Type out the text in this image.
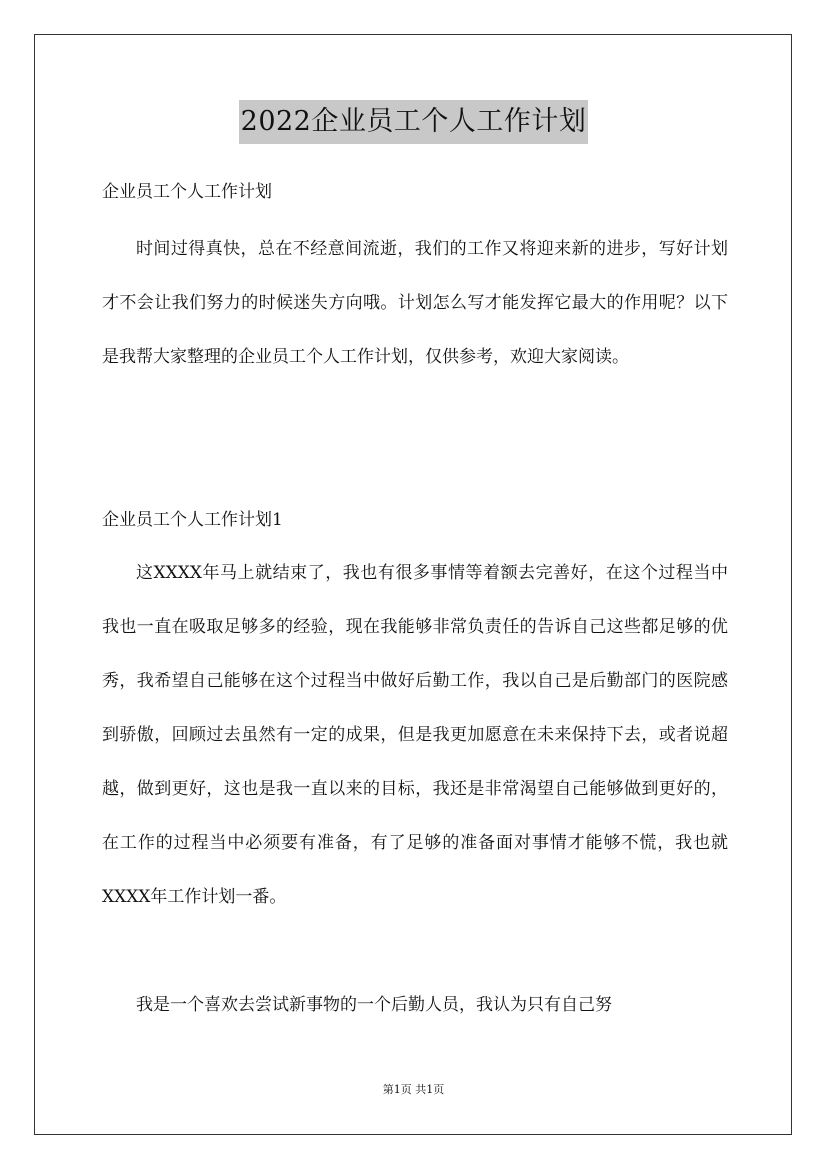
2022企业员工个人工作计划
企业员工个人工作计划

时间过得真快，总在不经意间流逝，我们的工作又将迎来新的进步，写好计划才不会让我们努力的时候迷失方向哦。计划怎么写才能发挥它最大的作用呢？以下是我帮大家整理的企业员工个人工作计划，仅供参考，欢迎大家阅读。

企业员工个人工作计划1

这XXXX年马上就结束了，我也有很多事情等着额去完善好，在这个过程当中我也一直在吸取足够多的经验，现在我能够非常负责任的告诉自己这些都足够的优秀，我希望自己能够在这个过程当中做好后勤工作，我以自己是后勤部门的医院感到骄傲，回顾过去虽然有一定的成果，但是我更加愿意在未来保持下去，或者说超越，做到更好，这也是我一直以来的目标，我还是非常渴望自己能够做到更好的，在工作的过程当中必须要有准备，有了足够的准备面对事情才能够不慌，我也就XXXX年工作计划一番。

我是一个喜欢去尝试新事物的一个后勤人员，我认为只有自己努

第1页 共1页
